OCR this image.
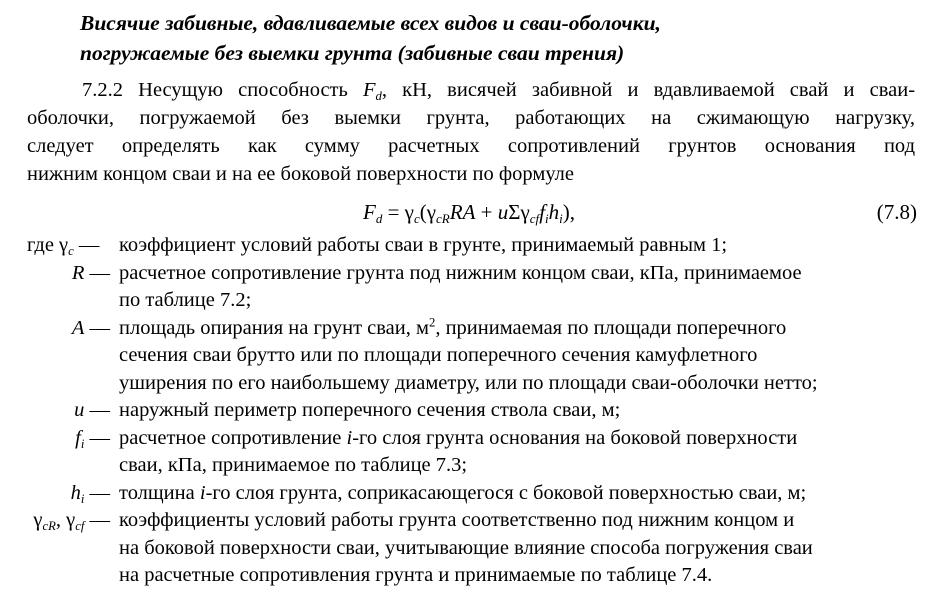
Висячие забивные, вдавливаемые всех видов и сваи-оболочки,
погружаемые без выемки грунта (забивные сваи трения)
7.2.2 Несущую способность $F_d$, кН, висячей забивной и вдавливаемой свай и сваи-
оболочки, погружаемой без выемки грунта, работающих на сжимающую нагрузку,
следует определять как сумму расчетных сопротивлений грунтов основания под
нижним концом сваи и на ее боковой поверхности по формуле
$F_d = \gamma_c(\gamma_{cR}RA + u\Sigma\gamma_{cf}f_ih_i)$,	(7.8)
где $\gamma_c$ — коэффициент условий работы сваи в грунте, принимаемый равным 1;
R — расчетное сопротивление грунта под нижним концом сваи, кПа, принимаемое
по таблице 7.2;
A — площадь опирания на грунт сваи, $м^2$, принимаемая по площади поперечного
сечения сваи брутто или по площади поперечного сечения камуфлетного
уширения по его наибольшему диаметру, или по площади сваи-оболочки нетто;
u — наружный периметр поперечного сечения ствола сваи, м;
$f_i$ — расчетное сопротивление i-го слоя грунта основания на боковой поверхности
сваи, кПа, принимаемое по таблице 7.3;
$h_i$ — толщина i-го слоя грунта, соприкасающегося с боковой поверхностью сваи, м;
$\gamma_{cR}$, $\gamma_{cf}$ — коэффициенты условий работы грунта соответственно под нижним концом и
на боковой поверхности сваи, учитывающие влияние способа погружения сваи
на расчетные сопротивления грунта и принимаемые по таблице 7.4.
